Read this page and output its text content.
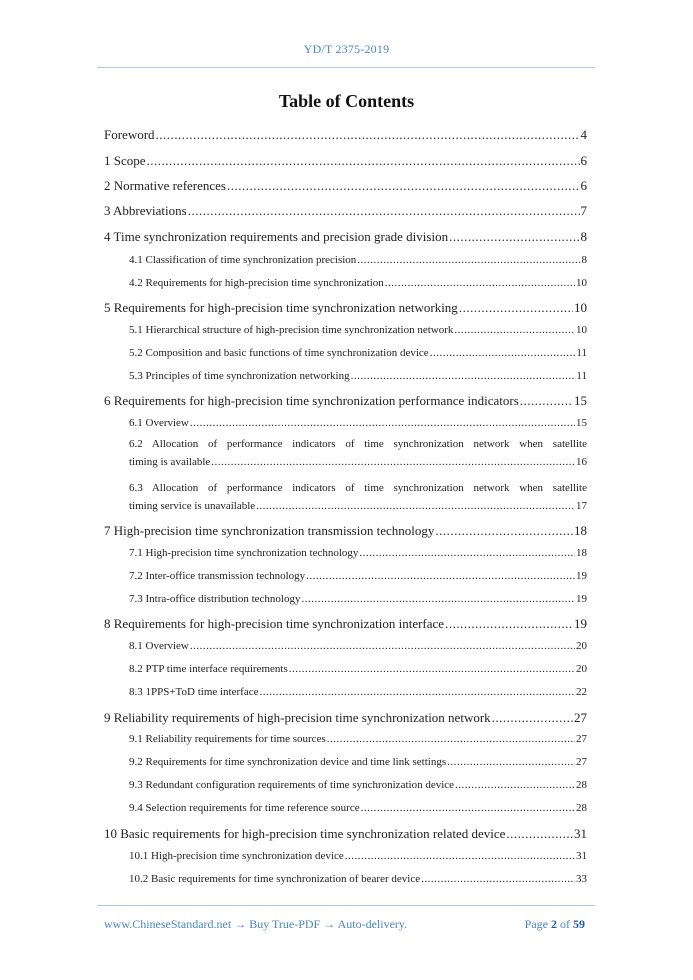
YD/T 2375-2019
Table of Contents
Foreword .....	4
1 Scope .....	6
2 Normative references .....	6
3 Abbreviations .....	7
4 Time synchronization requirements and precision grade division .....	8
4.1 Classification of time synchronization precision .....	8
4.2 Requirements for high-precision time synchronization .....	10
5 Requirements for high-precision time synchronization networking .....	10
5.1 Hierarchical structure of high-precision time synchronization network .....	10
5.2 Composition and basic functions of time synchronization device .....	11
5.3 Principles of time synchronization networking .....	11
6 Requirements for high-precision time synchronization performance indicators .....	15
6.1 Overview .....	15
6.2 Allocation of performance indicators of time synchronization network when satellite
timing is available .....	16
6.3 Allocation of performance indicators of time synchronization network when satellite
timing service is unavailable .....	17
7 High-precision time synchronization transmission technology .....	18
7.1 High-precision time synchronization technology .....	18
7.2 Inter-office transmission technology .....	19
7.3 Intra-office distribution technology .....	19
8 Requirements for high-precision time synchronization interface .....	19
8.1 Overview .....	20
8.2 PTP time interface requirements .....	20
8.3 1PPS+ToD time interface .....	22
9 Reliability requirements of high-precision time synchronization network .....	27
9.1 Reliability requirements for time sources .....	27
9.2 Requirements for time synchronization device and time link settings .....	27
9.3 Redundant configuration requirements of time synchronization device .....	28
9.4 Selection requirements for time reference source .....	28
10 Basic requirements for high-precision time synchronization related device .....	31
10.1 High-precision time synchronization device .....	31
10.2 Basic requirements for time synchronization of bearer device .....	33
www.ChineseStandard.net → Buy True-PDF → Auto-delivery.	Page 2 of 59
